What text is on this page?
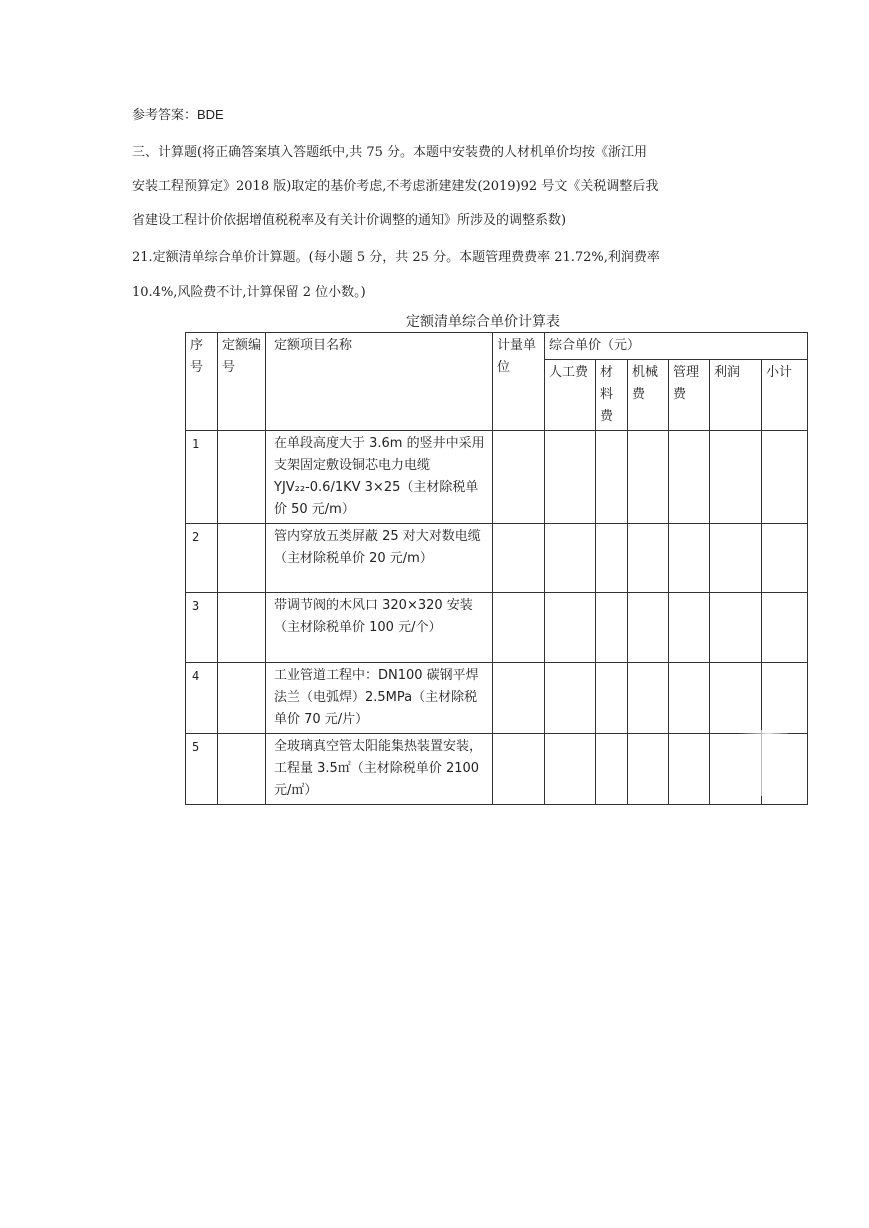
参考答案：BDE
三、计算题(将正确答案填入答题纸中,共 75 分。本题中安装费的人材机单价均按《浙江用
安装工程预算定》2018 版)取定的基价考虑,不考虑浙建建发(2019)92 号文《关税调整后我
省建设工程计价依据增值税税率及有关计价调整的通知》所涉及的调整系数)
21.定额清单综合单价计算题。(每小题 5 分，共 25 分。本题管理费费率 21.72%,利润费率
10.4%,风险费不计,计算保留 2 位小数。)
定额清单综合单价计算表
序号	定额编号	定额项目名称	计量单位	综合单价（元）					
				人工费	材料费	机械费	管理费	利润	小计
1		在单段高度大于 3.6m 的竖井中采用支架固定敷设铜芯电力电缆 YJV₂₂-0.6/1KV 3×25（主材除税单价 50 元/m）							
2		管内穿放五类屏蔽 25 对大对数电缆（主材除税单价 20 元/m）							
3		带调节阀的木风口 320×320 安装（主材除税单价 100 元/个）							
4		工业管道工程中：DN100 碳钢平焊法兰（电弧焊）2.5MPa（主材除税单价 70 元/片）							
5		全玻璃真空管太阳能集热装置安装，工程量 3.5㎡（主材除税单价 2100 元/㎡）							
